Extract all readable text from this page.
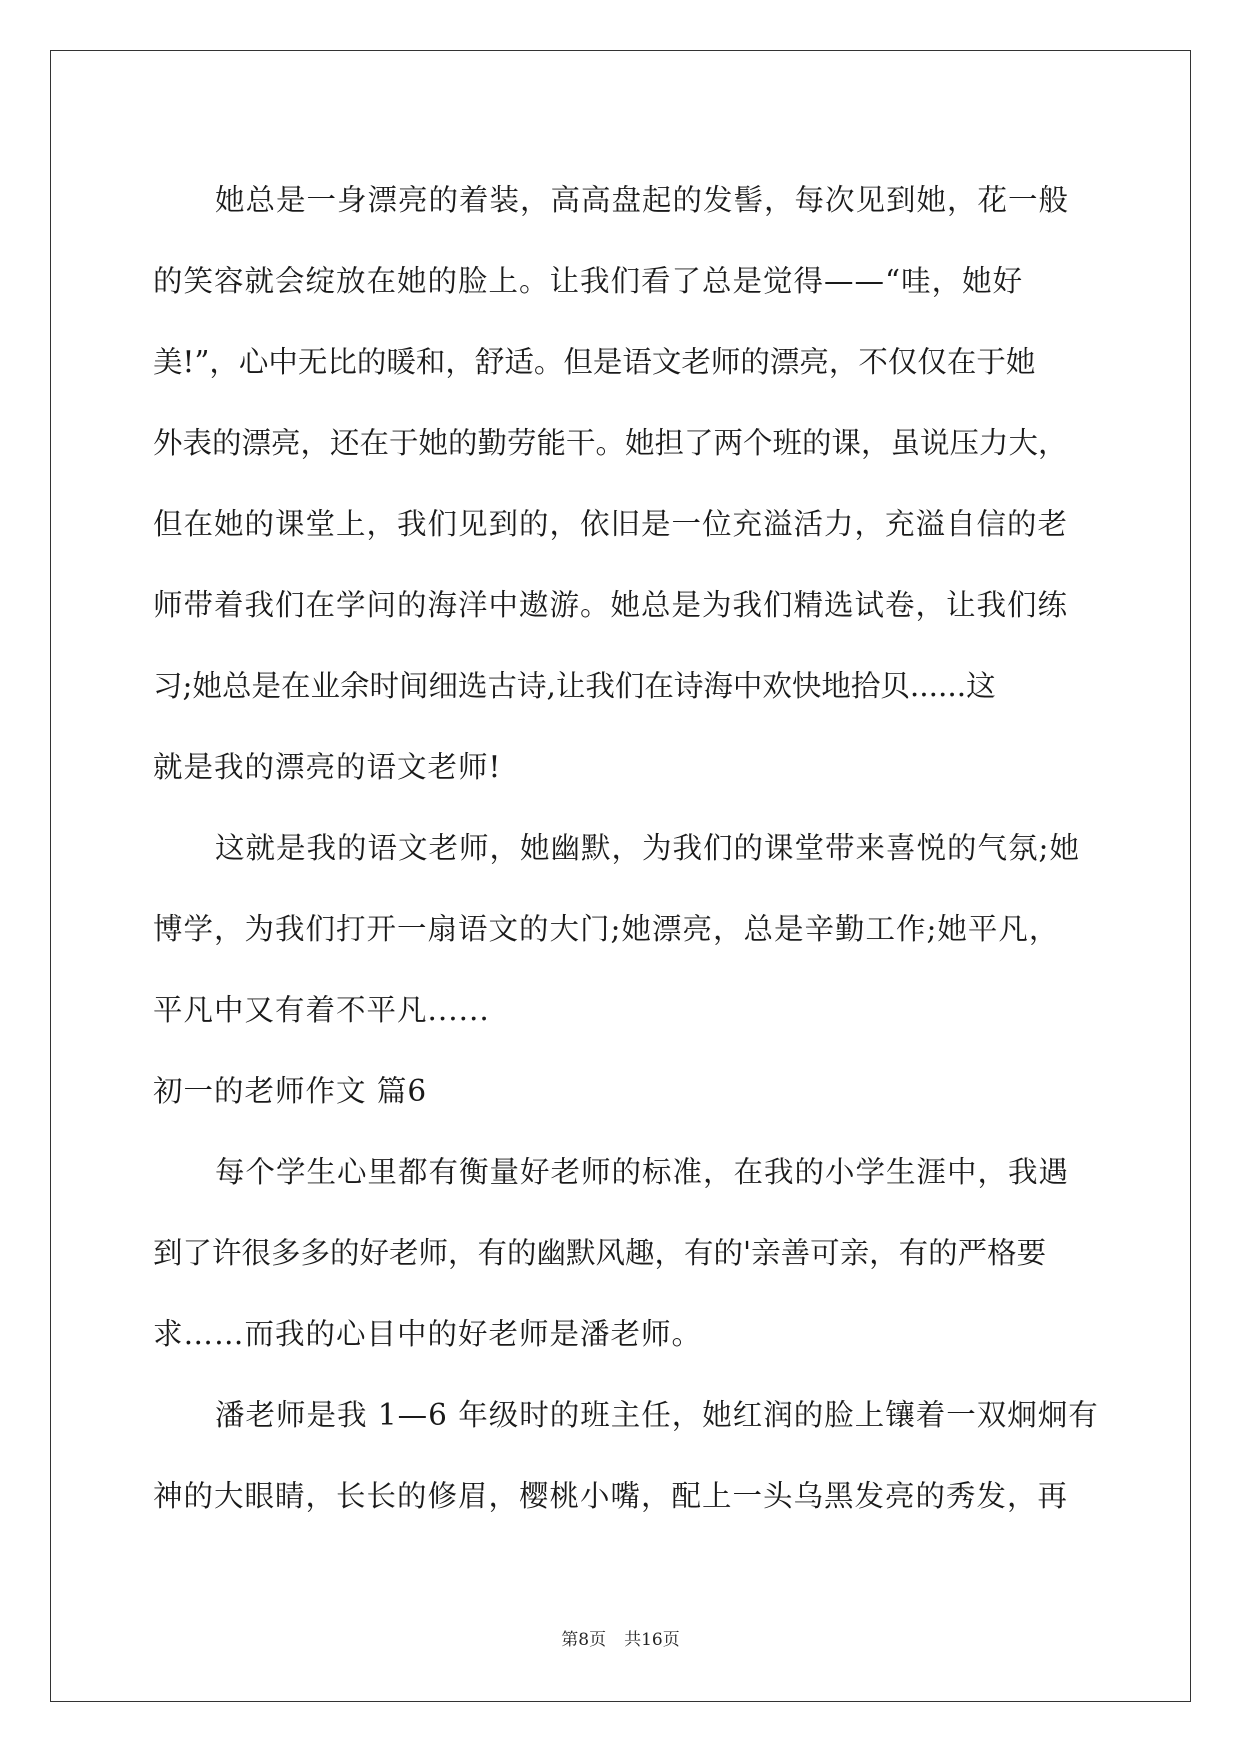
她总是一身漂亮的着装，高高盘起的发髻，每次见到她，花一般
的笑容就会绽放在她的脸上。让我们看了总是觉得——“哇，她好
美!”，心中无比的暖和，舒适。但是语文老师的漂亮，不仅仅在于她
外表的漂亮，还在于她的勤劳能干。她担了两个班的课，虽说压力大，
但在她的课堂上，我们见到的，依旧是一位充溢活力，充溢自信的老
师带着我们在学问的海洋中遨游。她总是为我们精选试卷，让我们练
习;她总是在业余时间细选古诗,让我们在诗海中欢快地拾贝......这
就是我的漂亮的语文老师!
这就是我的语文老师，她幽默，为我们的课堂带来喜悦的气氛;她
博学，为我们打开一扇语文的大门;她漂亮，总是辛勤工作;她平凡，
平凡中又有着不平凡......
初一的老师作文 篇6
每个学生心里都有衡量好老师的标准，在我的小学生涯中，我遇
到了许很多多的好老师，有的幽默风趣，有的'亲善可亲，有的严格要
求……而我的心目中的好老师是潘老师。
潘老师是我 1—6 年级时的班主任，她红润的脸上镶着一双炯炯有
神的大眼睛，长长的修眉，樱桃小嘴，配上一头乌黑发亮的秀发，再
第8页 共16页
